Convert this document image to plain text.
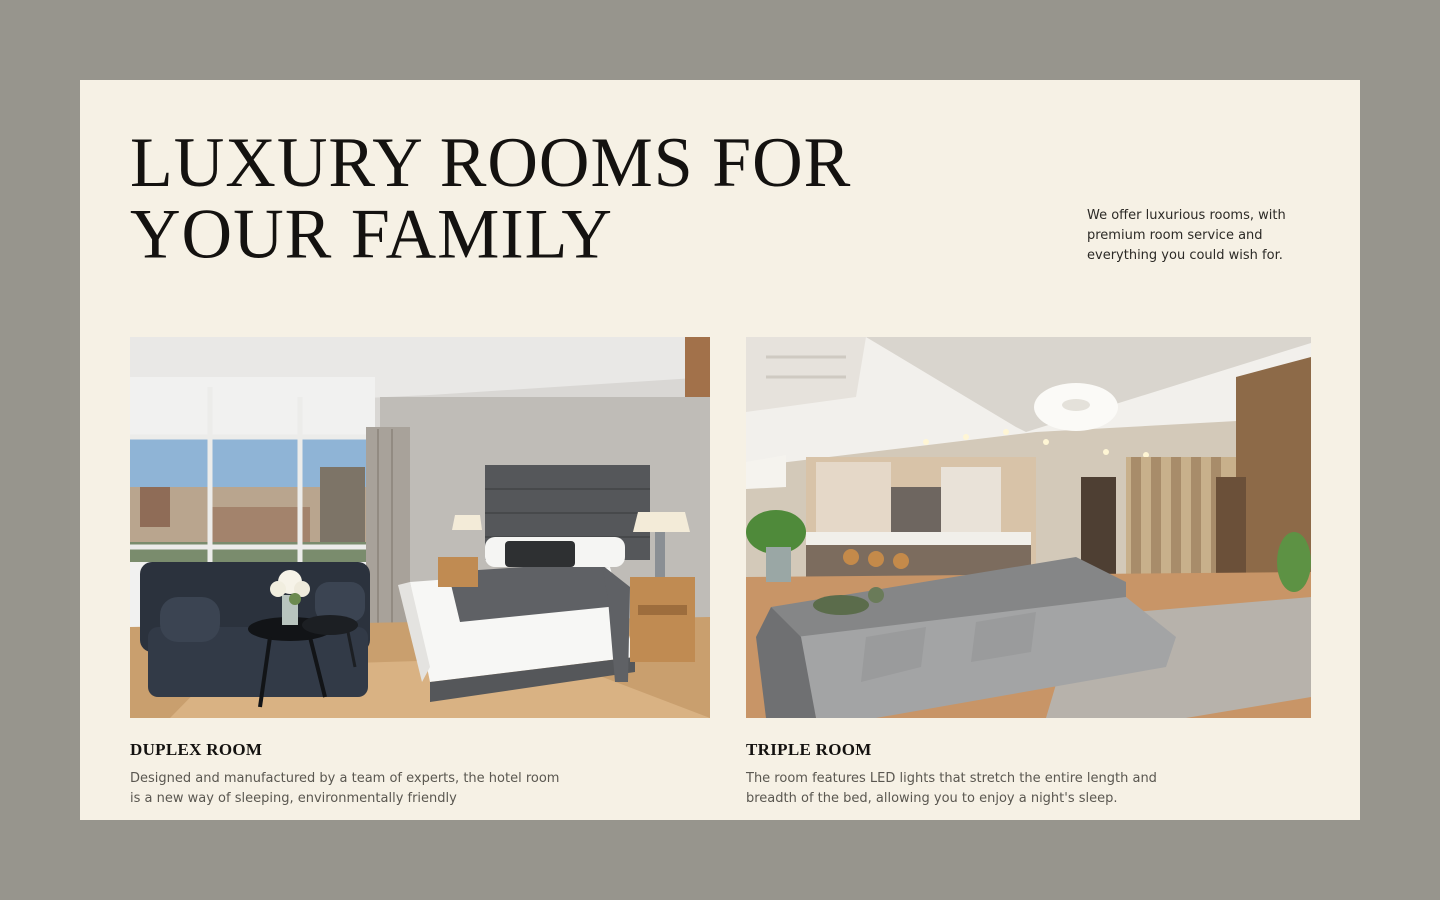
LUXURY ROOMS FOR
YOUR FAMILY	We offer luxurious rooms, with premium room service and everything you could wish for.

DUPLEX ROOM

Designed and manufactured by a team of experts, the hotel room is a new way of sleeping, environmentally friendly

TRIPLE ROOM

The room features LED lights that stretch the entire length and breadth of the bed, allowing you to enjoy a night's sleep.
